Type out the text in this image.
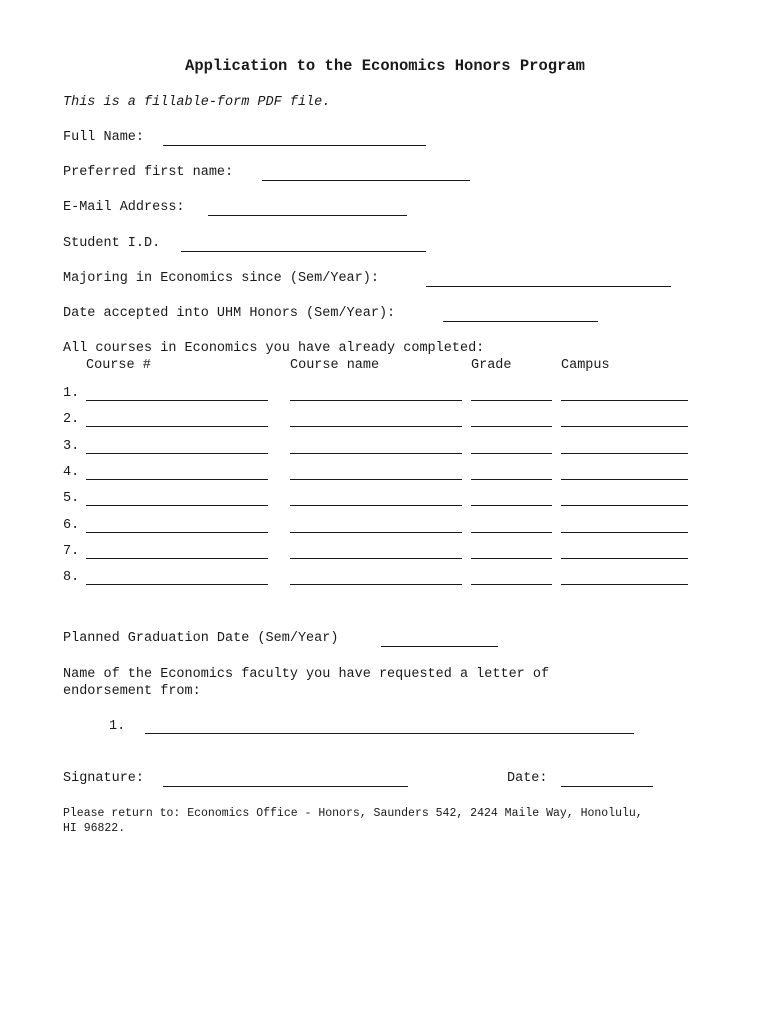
Application to the Economics Honors Program
This is a fillable-form PDF file.
Full Name:
Preferred first name:
E-Mail Address:
Student I.D.
Majoring in Economics since (Sem/Year):
Date accepted into UHM Honors (Sem/Year):
All courses in Economics you have already completed:
Course #	Course name	Grade	Campus
1.
2.
3.
4.
5.
6.
7.
8.
Planned Graduation Date (Sem/Year)
Name of the Economics faculty you have requested a letter of
endorsement from:
1.
Signature:	Date:
Please return to: Economics Office - Honors, Saunders 542, 2424 Maile Way, Honolulu,
HI 96822.
